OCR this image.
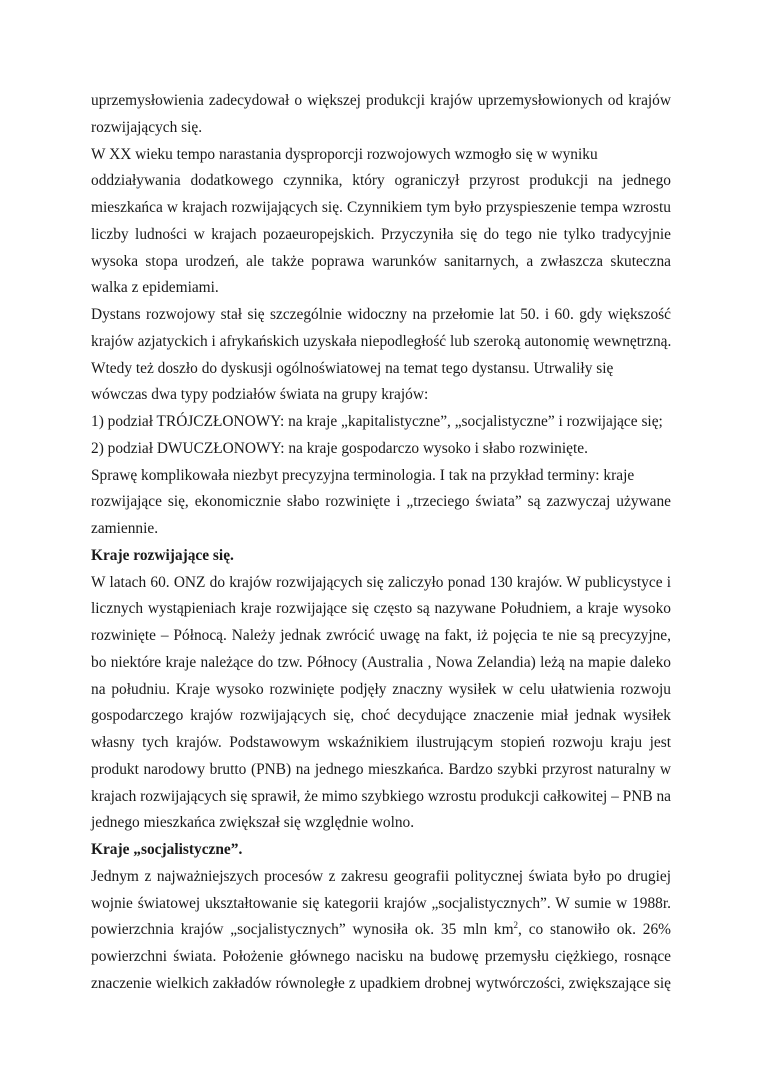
uprzemysłowienia zadecydował o większej produkcji krajów uprzemysłowionych od krajów
rozwijających się.
W XX wieku tempo narastania dysproporcji rozwojowych wzmogło się w wyniku
oddziaływania dodatkowego czynnika, który ograniczył przyrost produkcji na jednego
mieszkańca w krajach rozwijających się. Czynnikiem tym było przyspieszenie tempa wzrostu
liczby ludności w krajach pozaeuropejskich. Przyczyniła się do tego nie tylko tradycyjnie
wysoka stopa urodzeń, ale także poprawa warunków sanitarnych, a zwłaszcza skuteczna
walka z epidemiami.
Dystans rozwojowy stał się szczególnie widoczny na przełomie lat 50. i 60. gdy większość
krajów azjatyckich i afrykańskich uzyskała niepodległość lub szeroką autonomię wewnętrzną.
Wtedy też doszło do dyskusji ogólnoświatowej na temat tego dystansu. Utrwaliły się
wówczas dwa typy podziałów świata na grupy krajów:
1) podział TRÓJCZŁONOWY: na kraje „kapitalistyczne”, „socjalistyczne” i rozwijające się;
2) podział DWUCZŁONOWY: na kraje gospodarczo wysoko i słabo rozwinięte.
Sprawę komplikowała niezbyt precyzyjna terminologia. I tak na przykład terminy: kraje
rozwijające się, ekonomicznie słabo rozwinięte i „trzeciego świata” są zazwyczaj używane
zamiennie.
Kraje rozwijające się.
W latach 60. ONZ do krajów rozwijających się zaliczyło ponad 130 krajów. W publicystyce i
licznych wystąpieniach kraje rozwijające się często są nazywane Południem, a kraje wysoko
rozwinięte – Północą. Należy jednak zwrócić uwagę na fakt, iż pojęcia te nie są precyzyjne,
bo niektóre kraje należące do tzw. Północy (Australia , Nowa Zelandia) leżą na mapie daleko
na południu. Kraje wysoko rozwinięte podjęły znaczny wysiłek w celu ułatwienia rozwoju
gospodarczego krajów rozwijających się, choć decydujące znaczenie miał jednak wysiłek
własny tych krajów. Podstawowym wskaźnikiem ilustrującym stopień rozwoju kraju jest
produkt narodowy brutto (PNB) na jednego mieszkańca. Bardzo szybki przyrost naturalny w
krajach rozwijających się sprawił, że mimo szybkiego wzrostu produkcji całkowitej – PNB na
jednego mieszkańca zwiększał się względnie wolno.
Kraje „socjalistyczne”.
Jednym z najważniejszych procesów z zakresu geografii politycznej świata było po drugiej
wojnie światowej ukształtowanie się kategorii krajów „socjalistycznych”. W sumie w 1988r.
powierzchnia krajów „socjalistycznych” wynosiła ok. 35 mln $km^2$, co stanowiło ok. 26%
powierzchni świata. Położenie głównego nacisku na budowę przemysłu ciężkiego, rosnące
znaczenie wielkich zakładów równoległe z upadkiem drobnej wytwórczości, zwiększające się
